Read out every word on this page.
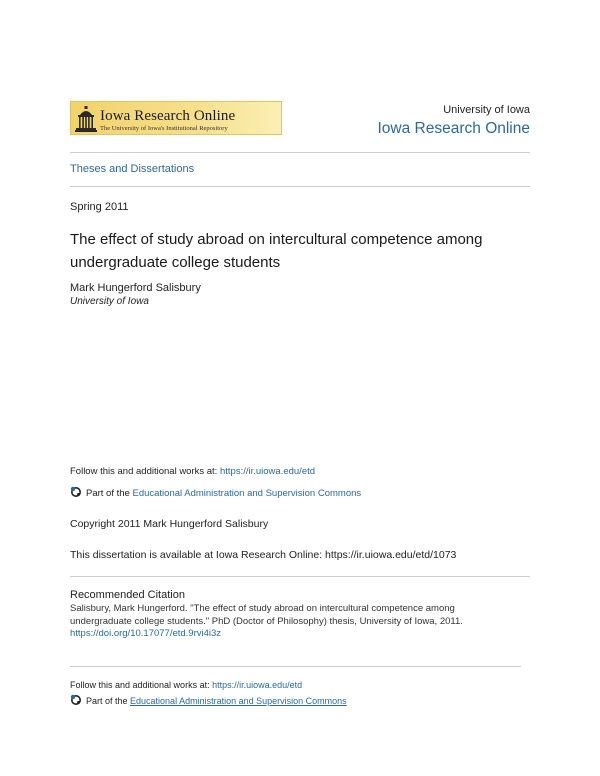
Iowa Research Online
The University of Iowa's Institutional Repository
University of Iowa
Iowa Research Online
Theses and Dissertations
Spring 2011
The effect of study abroad on intercultural competence among undergraduate college students
Mark Hungerford Salisbury
University of Iowa
Follow this and additional works at: https://ir.uiowa.edu/etd
Part of the Educational Administration and Supervision Commons
Copyright 2011 Mark Hungerford Salisbury
This dissertation is available at Iowa Research Online: https://ir.uiowa.edu/etd/1073
Recommended Citation
Salisbury, Mark Hungerford. "The effect of study abroad on intercultural competence among undergraduate college students." PhD (Doctor of Philosophy) thesis, University of Iowa, 2011.
https://doi.org/10.17077/etd.9rvi4i3z
Follow this and additional works at: https://ir.uiowa.edu/etd
Part of the Educational Administration and Supervision Commons
